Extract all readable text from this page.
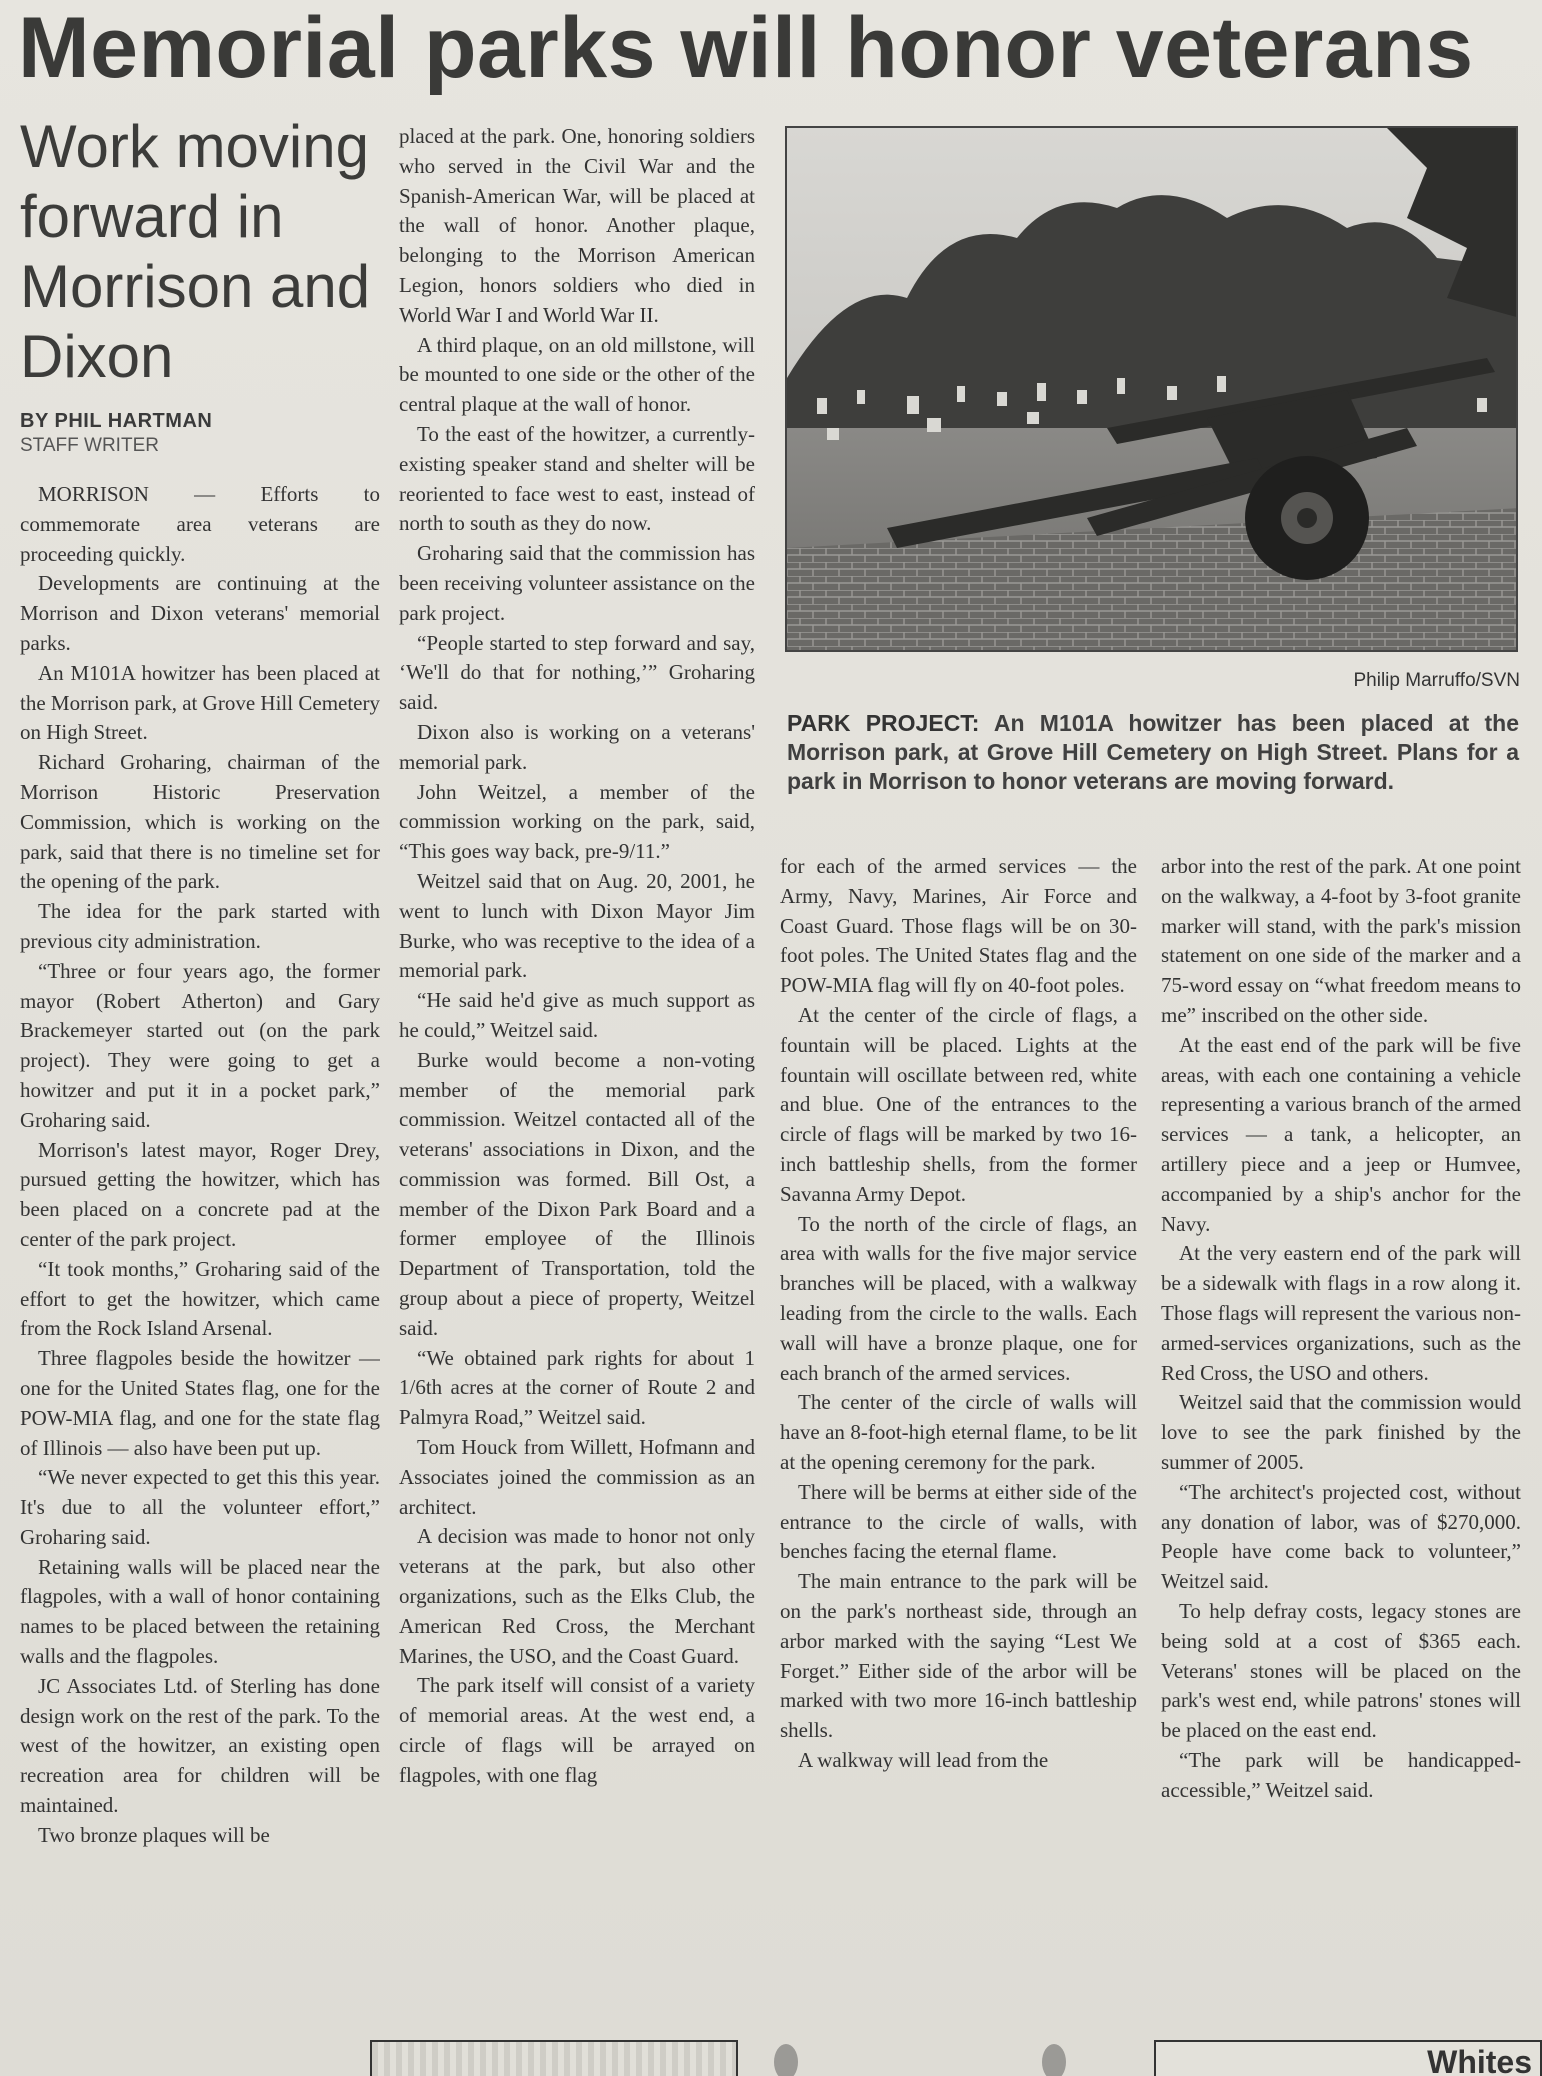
Memorial parks will honor veterans
Work moving forward in Morrison and Dixon
BY PHIL HARTMAN
STAFF WRITER

MORRISON — Efforts to commemorate area veterans are proceeding quickly.

Developments are continuing at the Morrison and Dixon veterans' memorial parks.

An M101A howitzer has been placed at the Morrison park, at Grove Hill Cemetery on High Street.

Richard Groharing, chairman of the Morrison Historic Preservation Commission, which is working on the park, said that there is no timeline set for the opening of the park.

The idea for the park started with previous city administration.

“Three or four years ago, the former mayor (Robert Atherton) and Gary Brackemeyer started out (on the park project). They were going to get a howitzer and put it in a pocket park,” Groharing said.

Morrison's latest mayor, Roger Drey, pursued getting the howitzer, which has been placed on a concrete pad at the center of the park project.

“It took months,” Groharing said of the effort to get the howitzer, which came from the Rock Island Arsenal.

Three flagpoles beside the howitzer — one for the United States flag, one for the POW-MIA flag, and one for the state flag of Illinois — also have been put up.

“We never expected to get this this year. It's due to all the volunteer effort,” Groharing said.

Retaining walls will be placed near the flagpoles, with a wall of honor containing names to be placed between the retaining walls and the flagpoles.

JC Associates Ltd. of Sterling has done design work on the rest of the park. To the west of the howitzer, an existing open recreation area for children will be maintained.

Two bronze plaques will be

placed at the park. One, honoring soldiers who served in the Civil War and the Spanish-American War, will be placed at the wall of honor. Another plaque, belonging to the Morrison American Legion, honors soldiers who died in World War I and World War II.

A third plaque, on an old millstone, will be mounted to one side or the other of the central plaque at the wall of honor.

To the east of the howitzer, a currently-existing speaker stand and shelter will be reoriented to face west to east, instead of north to south as they do now.

Groharing said that the commission has been receiving volunteer assistance on the park project.

“People started to step forward and say, ‘We'll do that for nothing,’” Groharing said.

Dixon also is working on a veterans' memorial park.

John Weitzel, a member of the commission working on the park, said, “This goes way back, pre-9/11.”

Weitzel said that on Aug. 20, 2001, he went to lunch with Dixon Mayor Jim Burke, who was receptive to the idea of a memorial park.

“He said he'd give as much support as he could,” Weitzel said.

Burke would become a non-voting member of the memorial park commission. Weitzel contacted all of the veterans' associations in Dixon, and the commission was formed. Bill Ost, a member of the Dixon Park Board and a former employee of the Illinois Department of Transportation, told the group about a piece of property, Weitzel said.

“We obtained park rights for about 1 1/6th acres at the corner of Route 2 and Palmyra Road,” Weitzel said.

Tom Houck from Willett, Hofmann and Associates joined the commission as an architect.

A decision was made to honor not only veterans at the park, but also other organizations, such as the Elks Club, the American Red Cross, the Merchant Marines, the USO, and the Coast Guard.

The park itself will consist of a variety of memorial areas. At the west end, a circle of flags will be arrayed on flagpoles, with one flag

Philip Marruffo/SVN
PARK PROJECT: An M101A howitzer has been placed at the Morrison park, at Grove Hill Cemetery on High Street. Plans for a park in Morrison to honor veterans are moving forward.

for each of the armed services — the Army, Navy, Marines, Air Force and Coast Guard. Those flags will be on 30-foot poles. The United States flag and the POW-MIA flag will fly on 40-foot poles.

At the center of the circle of flags, a fountain will be placed. Lights at the fountain will oscillate between red, white and blue. One of the entrances to the circle of flags will be marked by two 16-inch battleship shells, from the former Savanna Army Depot.

To the north of the circle of flags, an area with walls for the five major service branches will be placed, with a walkway leading from the circle to the walls. Each wall will have a bronze plaque, one for each branch of the armed services.

The center of the circle of walls will have an 8-foot-high eternal flame, to be lit at the opening ceremony for the park.

There will be berms at either side of the entrance to the circle of walls, with benches facing the eternal flame.

The main entrance to the park will be on the park's northeast side, through an arbor marked with the saying “Lest We Forget.” Either side of the arbor will be marked with two more 16-inch battleship shells.

A walkway will lead from the

arbor into the rest of the park. At one point on the walkway, a 4-foot by 3-foot granite marker will stand, with the park's mission statement on one side of the marker and a 75-word essay on “what freedom means to me” inscribed on the other side.

At the east end of the park will be five areas, with each one containing a vehicle representing a various branch of the armed services — a tank, a helicopter, an artillery piece and a jeep or Humvee, accompanied by a ship's anchor for the Navy.

At the very eastern end of the park will be a sidewalk with flags in a row along it. Those flags will represent the various non-armed-services organizations, such as the Red Cross, the USO and others.

Weitzel said that the commission would love to see the park finished by the summer of 2005.

“The architect's projected cost, without any donation of labor, was of $270,000. People have come back to volunteer,” Weitzel said.

To help defray costs, legacy stones are being sold at a cost of $365 each. Veterans' stones will be placed on the park's west end, while patrons' stones will be placed on the east end.

“The park will be handicapped-accessible,” Weitzel said.

Whites
